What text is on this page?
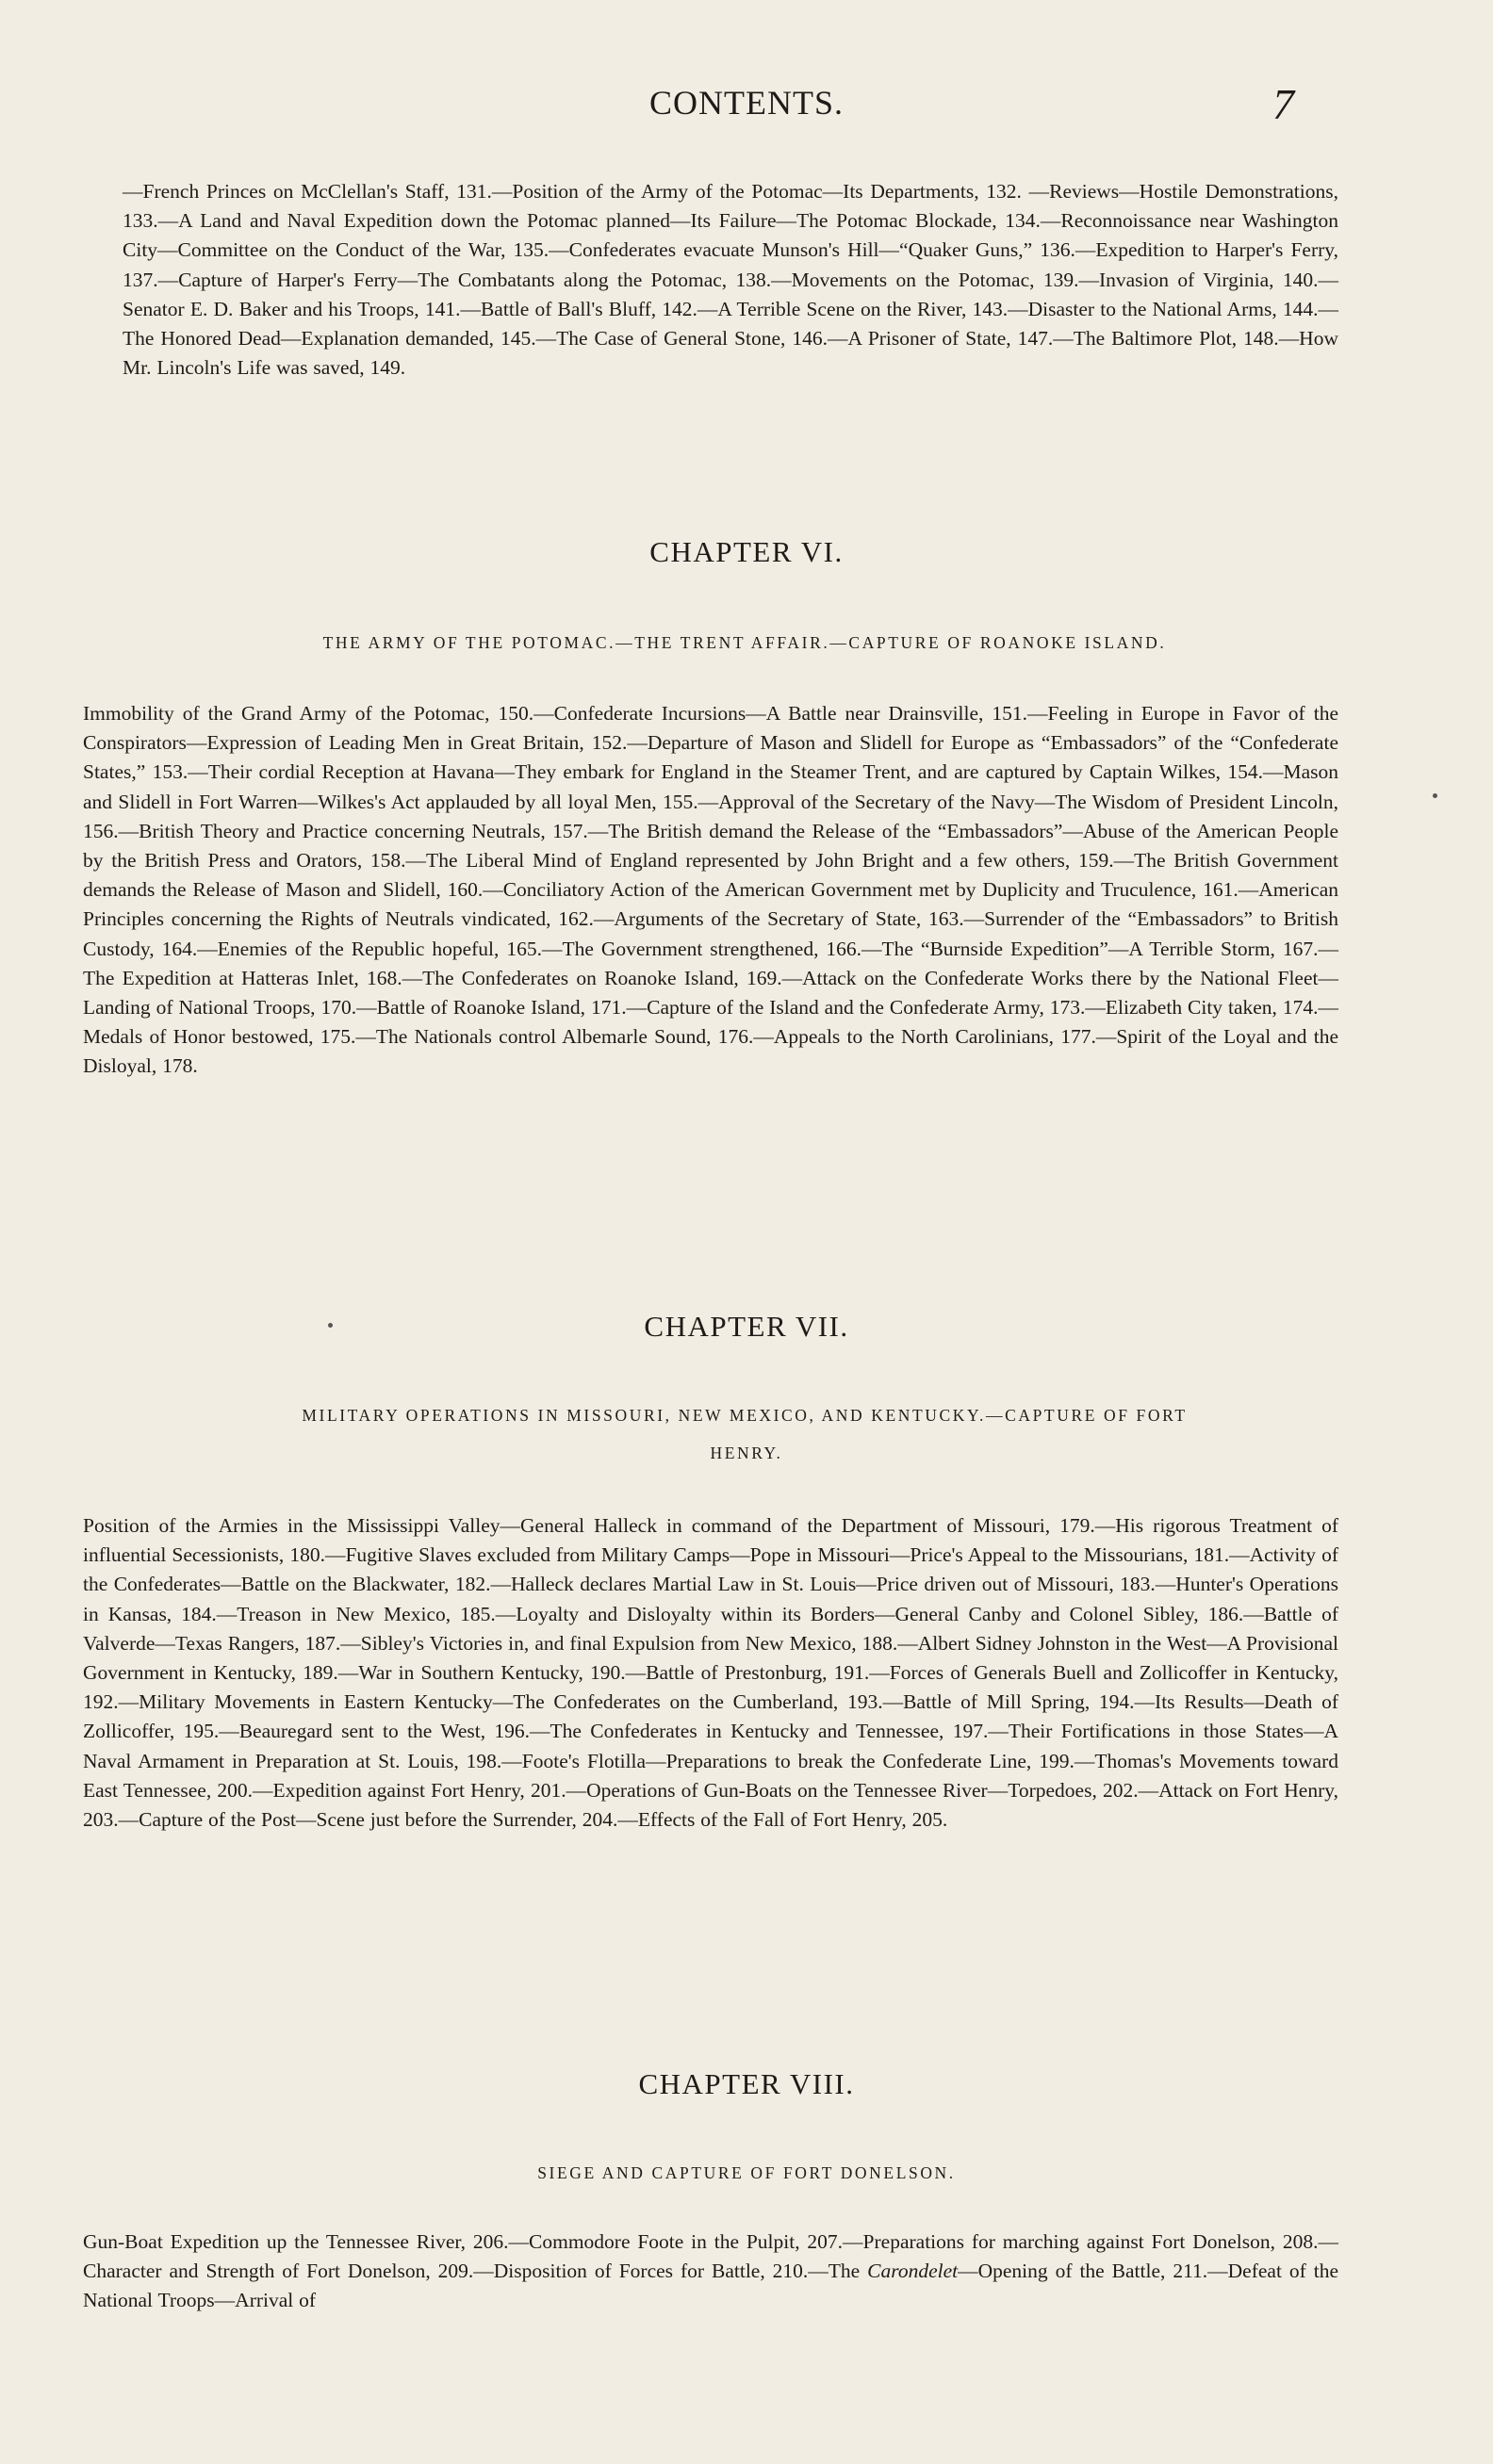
CONTENTS.	7
—French Princes on McClellan's Staff, 131.—Position of the Army of the Potomac—Its Departments, 132. —Reviews—Hostile Demonstrations, 133.—A Land and Naval Expedition down the Potomac planned—Its Failure—The Potomac Blockade, 134.—Reconnoissance near Washington City—Committee on the Conduct of the War, 135.—Confederates evacuate Munson's Hill—“Quaker Guns,” 136.—Expedition to Harper's Ferry, 137.—Capture of Harper's Ferry—The Combatants along the Potomac, 138.—Movements on the Potomac, 139.—Invasion of Virginia, 140.—Senator E. D. Baker and his Troops, 141.—Battle of Ball's Bluff, 142.—A Terrible Scene on the River, 143.—Disaster to the National Arms, 144.—The Honored Dead—Explanation demanded, 145.—The Case of General Stone, 146.—A Prisoner of State, 147.—The Baltimore Plot, 148.—How Mr. Lincoln's Life was saved, 149.
CHAPTER VI.
THE ARMY OF THE POTOMAC.—THE TRENT AFFAIR.—CAPTURE OF ROANOKE ISLAND.
Immobility of the Grand Army of the Potomac, 150.—Confederate Incursions—A Battle near Drainsville, 151.—Feeling in Europe in Favor of the Conspirators—Expression of Leading Men in Great Britain, 152.—Departure of Mason and Slidell for Europe as “Embassadors” of the “Confederate States,” 153.—Their cordial Reception at Havana—They embark for England in the Steamer Trent, and are captured by Captain Wilkes, 154.—Mason and Slidell in Fort Warren—Wilkes's Act applauded by all loyal Men, 155.—Approval of the Secretary of the Navy—The Wisdom of President Lincoln, 156.—British Theory and Practice concerning Neutrals, 157.—The British demand the Release of the “Embassadors”—Abuse of the American People by the British Press and Orators, 158.—The Liberal Mind of England represented by John Bright and a few others, 159.—The British Government demands the Release of Mason and Slidell, 160.—Conciliatory Action of the American Government met by Duplicity and Truculence, 161.—American Principles concerning the Rights of Neutrals vindicated, 162.—Arguments of the Secretary of State, 163.—Surrender of the “Embassadors” to British Custody, 164.—Enemies of the Republic hopeful, 165.—The Government strengthened, 166.—The “Burnside Expedition”—A Terrible Storm, 167.—The Expedition at Hatteras Inlet, 168.—The Confederates on Roanoke Island, 169.—Attack on the Confederate Works there by the National Fleet—Landing of National Troops, 170.—Battle of Roanoke Island, 171.—Capture of the Island and the Confederate Army, 173.—Elizabeth City taken, 174.—Medals of Honor bestowed, 175.—The Nationals control Albemarle Sound, 176.—Appeals to the North Carolinians, 177.—Spirit of the Loyal and the Disloyal, 178.
CHAPTER VII.
MILITARY OPERATIONS IN MISSOURI, NEW MEXICO, AND KENTUCKY.—CAPTURE OF FORT
HENRY.
Position of the Armies in the Mississippi Valley—General Halleck in command of the Department of Missouri, 179.—His rigorous Treatment of influential Secessionists, 180.—Fugitive Slaves excluded from Military Camps—Pope in Missouri—Price's Appeal to the Missourians, 181.—Activity of the Confederates—Battle on the Blackwater, 182.—Halleck declares Martial Law in St. Louis—Price driven out of Missouri, 183.—Hunter's Operations in Kansas, 184.—Treason in New Mexico, 185.—Loyalty and Disloyalty within its Borders—General Canby and Colonel Sibley, 186.—Battle of Valverde—Texas Rangers, 187.—Sibley's Victories in, and final Expulsion from New Mexico, 188.—Albert Sidney Johnston in the West—A Provisional Government in Kentucky, 189.—War in Southern Kentucky, 190.—Battle of Prestonburg, 191.—Forces of Generals Buell and Zollicoffer in Kentucky, 192.—Military Movements in Eastern Kentucky—The Confederates on the Cumberland, 193.—Battle of Mill Spring, 194.—Its Results—Death of Zollicoffer, 195.—Beauregard sent to the West, 196.—The Confederates in Kentucky and Tennessee, 197.—Their Fortifications in those States—A Naval Armament in Preparation at St. Louis, 198.—Foote's Flotilla—Preparations to break the Confederate Line, 199.—Thomas's Movements toward East Tennessee, 200.—Expedition against Fort Henry, 201.—Operations of Gun-Boats on the Tennessee River—Torpedoes, 202.—Attack on Fort Henry, 203.—Capture of the Post—Scene just before the Surrender, 204.—Effects of the Fall of Fort Henry, 205.
CHAPTER VIII.
SIEGE AND CAPTURE OF FORT DONELSON.
Gun-Boat Expedition up the Tennessee River, 206.—Commodore Foote in the Pulpit, 207.—Preparations for marching against Fort Donelson, 208.—Character and Strength of Fort Donelson, 209.—Disposition of Forces for Battle, 210.—The Carondelet—Opening of the Battle, 211.—Defeat of the National Troops—Arrival of
